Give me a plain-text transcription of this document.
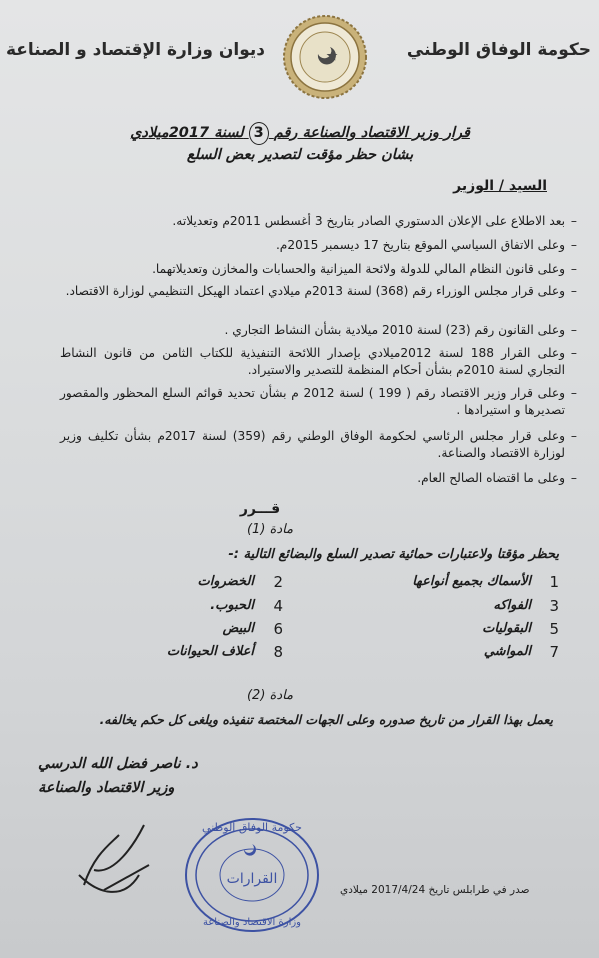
حكومة الوفاق الوطني
ديوان وزارة الإقتصاد و الصناعة
قرار وزير الاقتصاد والصناعة رقم 3 لسنة 2017ميلادي
بشان حظر مؤقت لتصدير بعض السلع
السيد / الوزير
–
بعد الاطلاع على الإعلان الدستوري الصادر بتاريخ 3 أغسطس 2011م وتعديلاته.
–
وعلى الاتفاق السياسي الموقع بتاريخ 17 ديسمبر 2015م.
–
وعلى قانون النظام المالي للدولة ولائحة الميزانية والحسابات والمخازن وتعديلاتهما.
–
وعلى قرار مجلس الوزراء رقم (368) لسنة 2013م ميلادي اعتماد الهيكل التنظيمي لوزارة الاقتصاد.
–
وعلى القانون رقم (23) لسنة 2010 ميلادية بشأن النشاط التجاري .
–
وعلى القرار 188 لسنة 2012ميلادي بإصدار اللائحة التنفيذية للكتاب الثامن من قانون النشاط التجاري لسنة 2010م بشأن أحكام المنظمة للتصدير والاستيراد.
–
وعلى قرار وزير الاقتصاد رقم ( 199 ) لسنة 2012 م بشأن تحديد قوائم السلع المحظور والمقصور تصديرها و استيرادها .
–
وعلى قرار مجلس الرئاسي لحكومة الوفاق الوطني رقم (359) لسنة 2017م بشأن تكليف وزير لوزارة الاقتصاد والصناعة.
–
وعلى ما اقتضاه الصالح العام.
قـــرر
مادة (1)
يحظر مؤقتا ولاعتبارات حمائية تصدير السلع والبضائع التالية :-
1
الأسماك بجميع أنواعها
2
الخضروات
3
الفواكه
4
الحبوب.
5
البقوليات
6
البيض
7
المواشي
8
أعلاف الحيوانات
مادة (2)
يعمل بهذا القرار من تاريخ صدوره وعلى الجهات المختصة تنفيذه ويلغى كل حكم يخالفه.
د. ناصر فضل الله الدرسي
وزير الاقتصاد والصناعة
القرارات
حكومة الوفاق الوطني
وزارة الاقتصاد والصناعة
صدر في طرابلس تاريخ 2017/4/24 ميلادي
